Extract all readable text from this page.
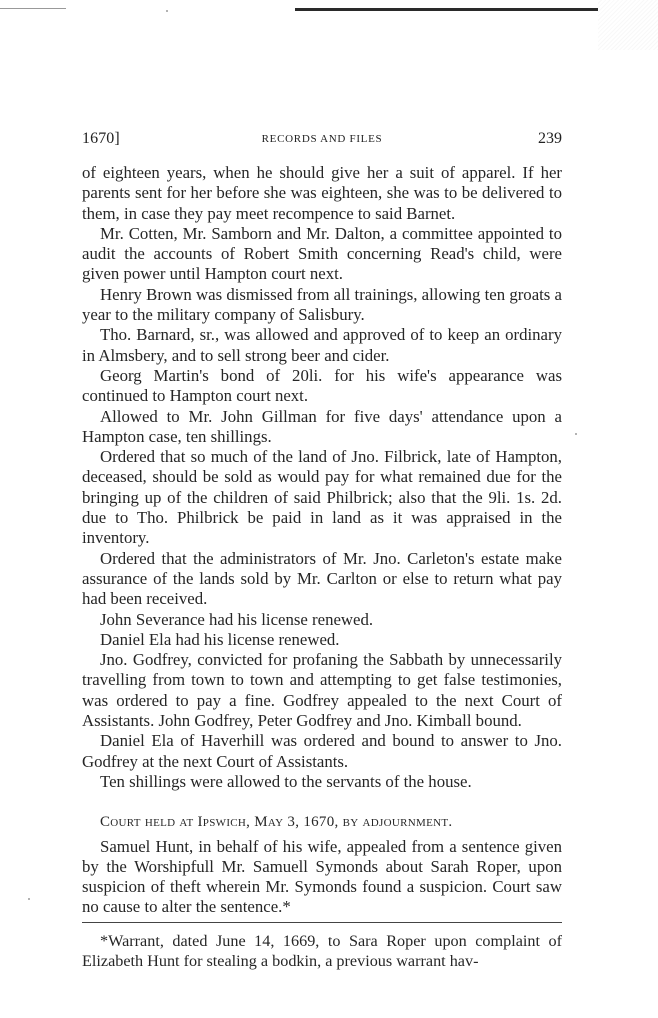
1670]	RECORDS AND FILES	239

of eighteen years, when he should give her a suit of apparel. If her parents sent for her before she was eighteen, she was to be delivered to them, in case they pay meet recompence to said Barnet.

Mr. Cotten, Mr. Samborn and Mr. Dalton, a committee appointed to audit the accounts of Robert Smith concerning Read's child, were given power until Hampton court next.

Henry Brown was dismissed from all trainings, allowing ten groats a year to the military company of Salisbury.

Tho. Barnard, sr., was allowed and approved of to keep an ordinary in Almsbery, and to sell strong beer and cider.

Georg Martin's bond of 20li. for his wife's appearance was continued to Hampton court next.

Allowed to Mr. John Gillman for five days' attendance upon a Hampton case, ten shillings.

Ordered that so much of the land of Jno. Filbrick, late of Hampton, deceased, should be sold as would pay for what remained due for the bringing up of the children of said Philbrick; also that the 9li. 1s. 2d. due to Tho. Philbrick be paid in land as it was appraised in the inventory.

Ordered that the administrators of Mr. Jno. Carleton's estate make assurance of the lands sold by Mr. Carlton or else to return what pay had been received.

John Severance had his license renewed.

Daniel Ela had his license renewed.

Jno. Godfrey, convicted for profaning the Sabbath by unnecessarily travelling from town to town and attempting to get false testimonies, was ordered to pay a fine. Godfrey appealed to the next Court of Assistants. John Godfrey, Peter Godfrey and Jno. Kimball bound.

Daniel Ela of Haverhill was ordered and bound to answer to Jno. Godfrey at the next Court of Assistants.

Ten shillings were allowed to the servants of the house.

Court held at Ipswich, May 3, 1670, by adjournment.

Samuel Hunt, in behalf of his wife, appealed from a sentence given by the Worshipfull Mr. Samuell Symonds about Sarah Roper, upon suspicion of theft wherein Mr. Symonds found a suspicion. Court saw no cause to alter the sentence.*

*Warrant, dated June 14, 1669, to Sara Roper upon complaint of Elizabeth Hunt for stealing a bodkin, a previous warrant hav-
